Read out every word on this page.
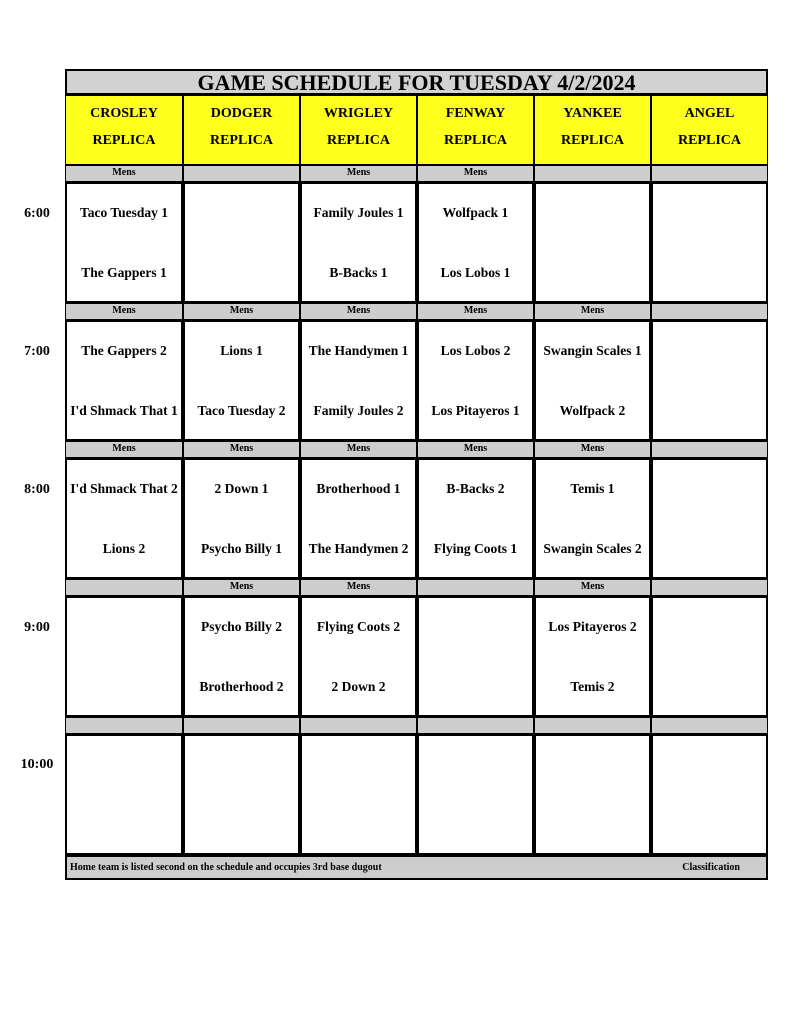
GAME SCHEDULE FOR TUESDAY 4/2/2024
CROSLEY
REPLICA
DODGER
REPLICA
WRIGLEY
REPLICA
FENWAY
REPLICA
YANKEE
REPLICA
ANGEL
REPLICA
6:00
Mens
Taco Tuesday 1
The Gappers 1
Mens
Family Joules 1
B-Backs 1
Mens
Wolfpack 1
Los Lobos 1
7:00
Mens
The Gappers 2
I'd Shmack That 1
Mens
Lions 1
Taco Tuesday 2
Mens
The Handymen 1
Family Joules 2
Mens
Los Lobos 2
Los Pitayeros 1
Mens
Swangin Scales 1
Wolfpack 2
8:00
Mens
I'd Shmack That 2
Lions 2
Mens
2 Down 1
Psycho Billy 1
Mens
Brotherhood 1
The Handymen 2
Mens
B-Backs 2
Flying Coots 1
Mens
Temis 1
Swangin Scales 2
9:00
Mens
Psycho Billy 2
Brotherhood 2
Mens
Flying Coots 2
2 Down 2
Mens
Los Pitayeros 2
Temis 2
10:00
Home team is listed second on the schedule and occupies 3rd base dugout	Classification
